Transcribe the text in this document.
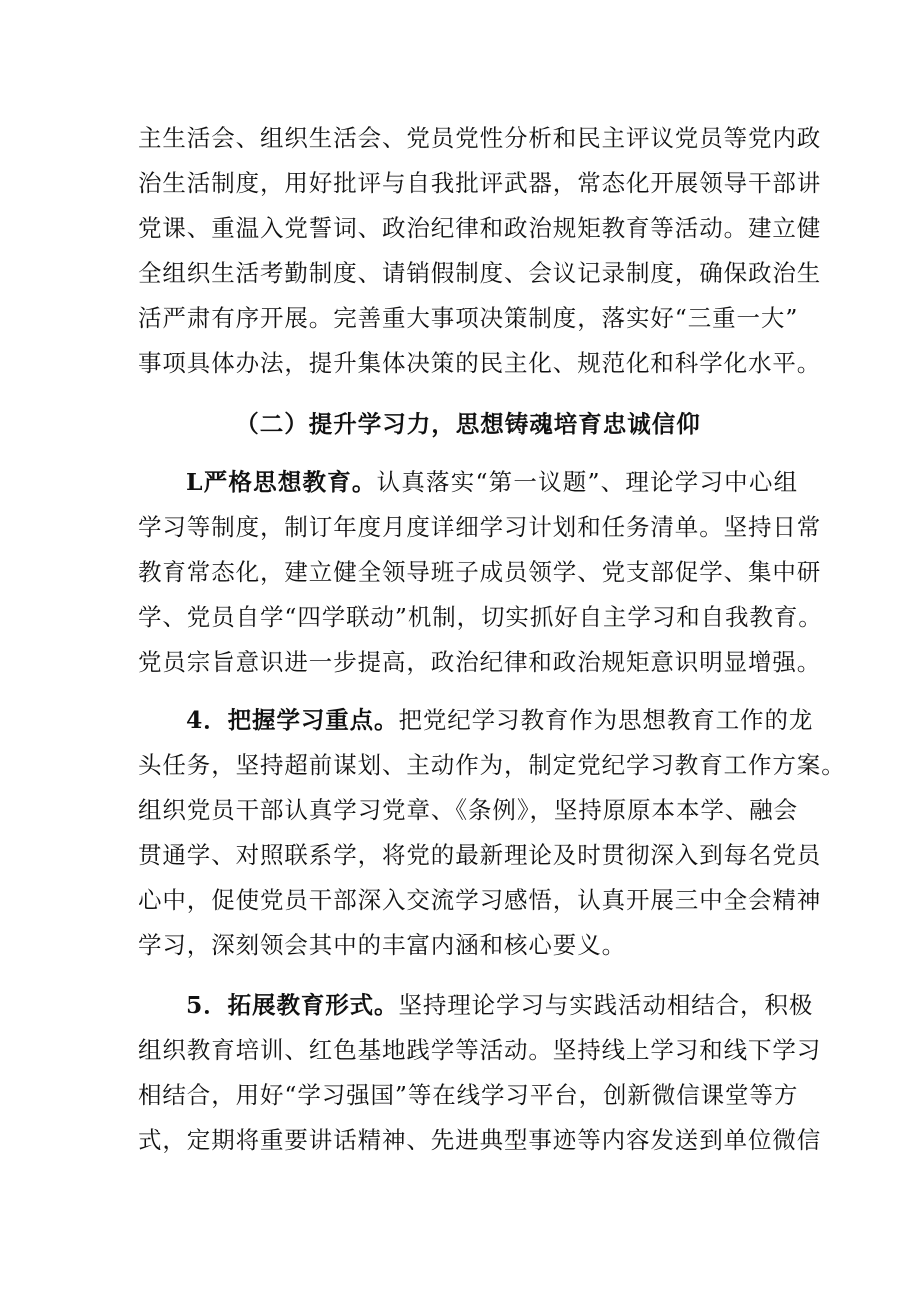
主生活会、组织生活会、党员党性分析和民主评议党员等党内政
治生活制度，用好批评与自我批评武器，常态化开展领导干部讲
党课、重温入党誓词、政治纪律和政治规矩教育等活动。建立健
全组织生活考勤制度、请销假制度、会议记录制度，确保政治生
活严肃有序开展。完善重大事项决策制度，落实好“三重一大”
事项具体办法，提升集体决策的民主化、规范化和科学化水平。
（二）提升学习力，思想铸魂培育忠诚信仰
L严格思想教育。认真落实“第一议题”、理论学习中心组
学习等制度，制订年度月度详细学习计划和任务清单。坚持日常
教育常态化，建立健全领导班子成员领学、党支部促学、集中研
学、党员自学“四学联动”机制，切实抓好自主学习和自我教育。
党员宗旨意识进一步提高，政治纪律和政治规矩意识明显增强。
4．把握学习重点。把党纪学习教育作为思想教育工作的龙
头任务，坚持超前谋划、主动作为，制定党纪学习教育工作方案。
组织党员干部认真学习党章、《条例》，坚持原原本本学、融会
贯通学、对照联系学，将党的最新理论及时贯彻深入到每名党员
心中，促使党员干部深入交流学习感悟，认真开展三中全会精神
学习，深刻领会其中的丰富内涵和核心要义。
5．拓展教育形式。坚持理论学习与实践活动相结合，积极
组织教育培训、红色基地践学等活动。坚持线上学习和线下学习
相结合，用好“学习强国”等在线学习平台，创新微信课堂等方
式，定期将重要讲话精神、先进典型事迹等内容发送到单位微信
